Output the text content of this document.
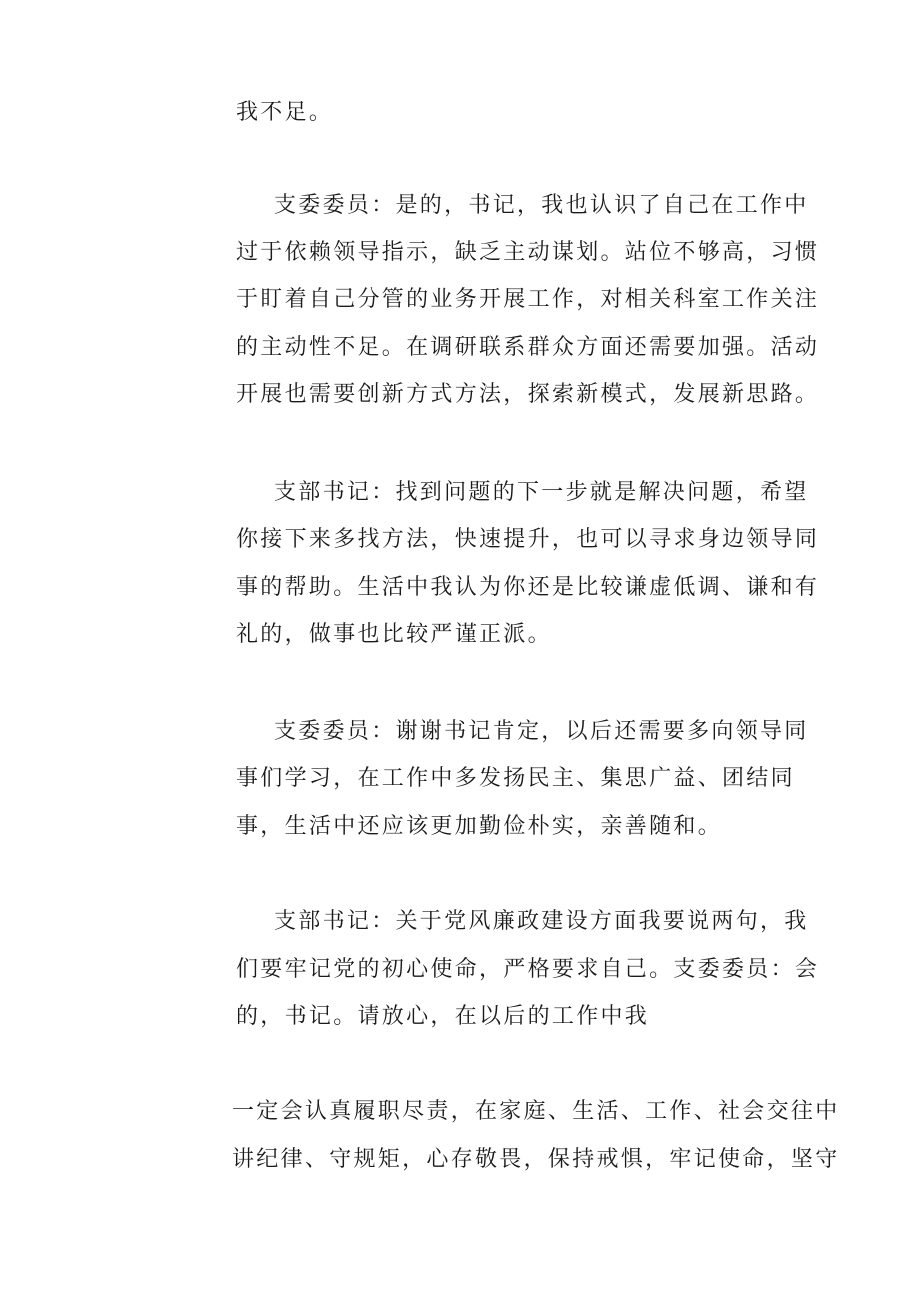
我不足。

支委委员：是的，书记，我也认识了自己在工作中

过于依赖领导指示，缺乏主动谋划。站位不够高，习惯

于盯着自己分管的业务开展工作，对相关科室工作关注

的主动性不足。在调研联系群众方面还需要加强。活动

开展也需要创新方式方法，探索新模式，发展新思路。

支部书记：找到问题的下一步就是解决问题，希望

你接下来多找方法，快速提升，也可以寻求身边领导同

事的帮助。生活中我认为你还是比较谦虚低调、谦和有

礼的，做事也比较严谨正派。

支委委员：谢谢书记肯定，以后还需要多向领导同

事们学习，在工作中多发扬民主、集思广益、团结同

事，生活中还应该更加勤俭朴实，亲善随和。

支部书记：关于党风廉政建设方面我要说两句，我

们要牢记党的初心使命，严格要求自己。支委委员：会

的，书记。请放心，在以后的工作中我

一定会认真履职尽责，在家庭、生活、工作、社会交往中

讲纪律、守规矩，心存敬畏，保持戒惧，牢记使命，坚守
